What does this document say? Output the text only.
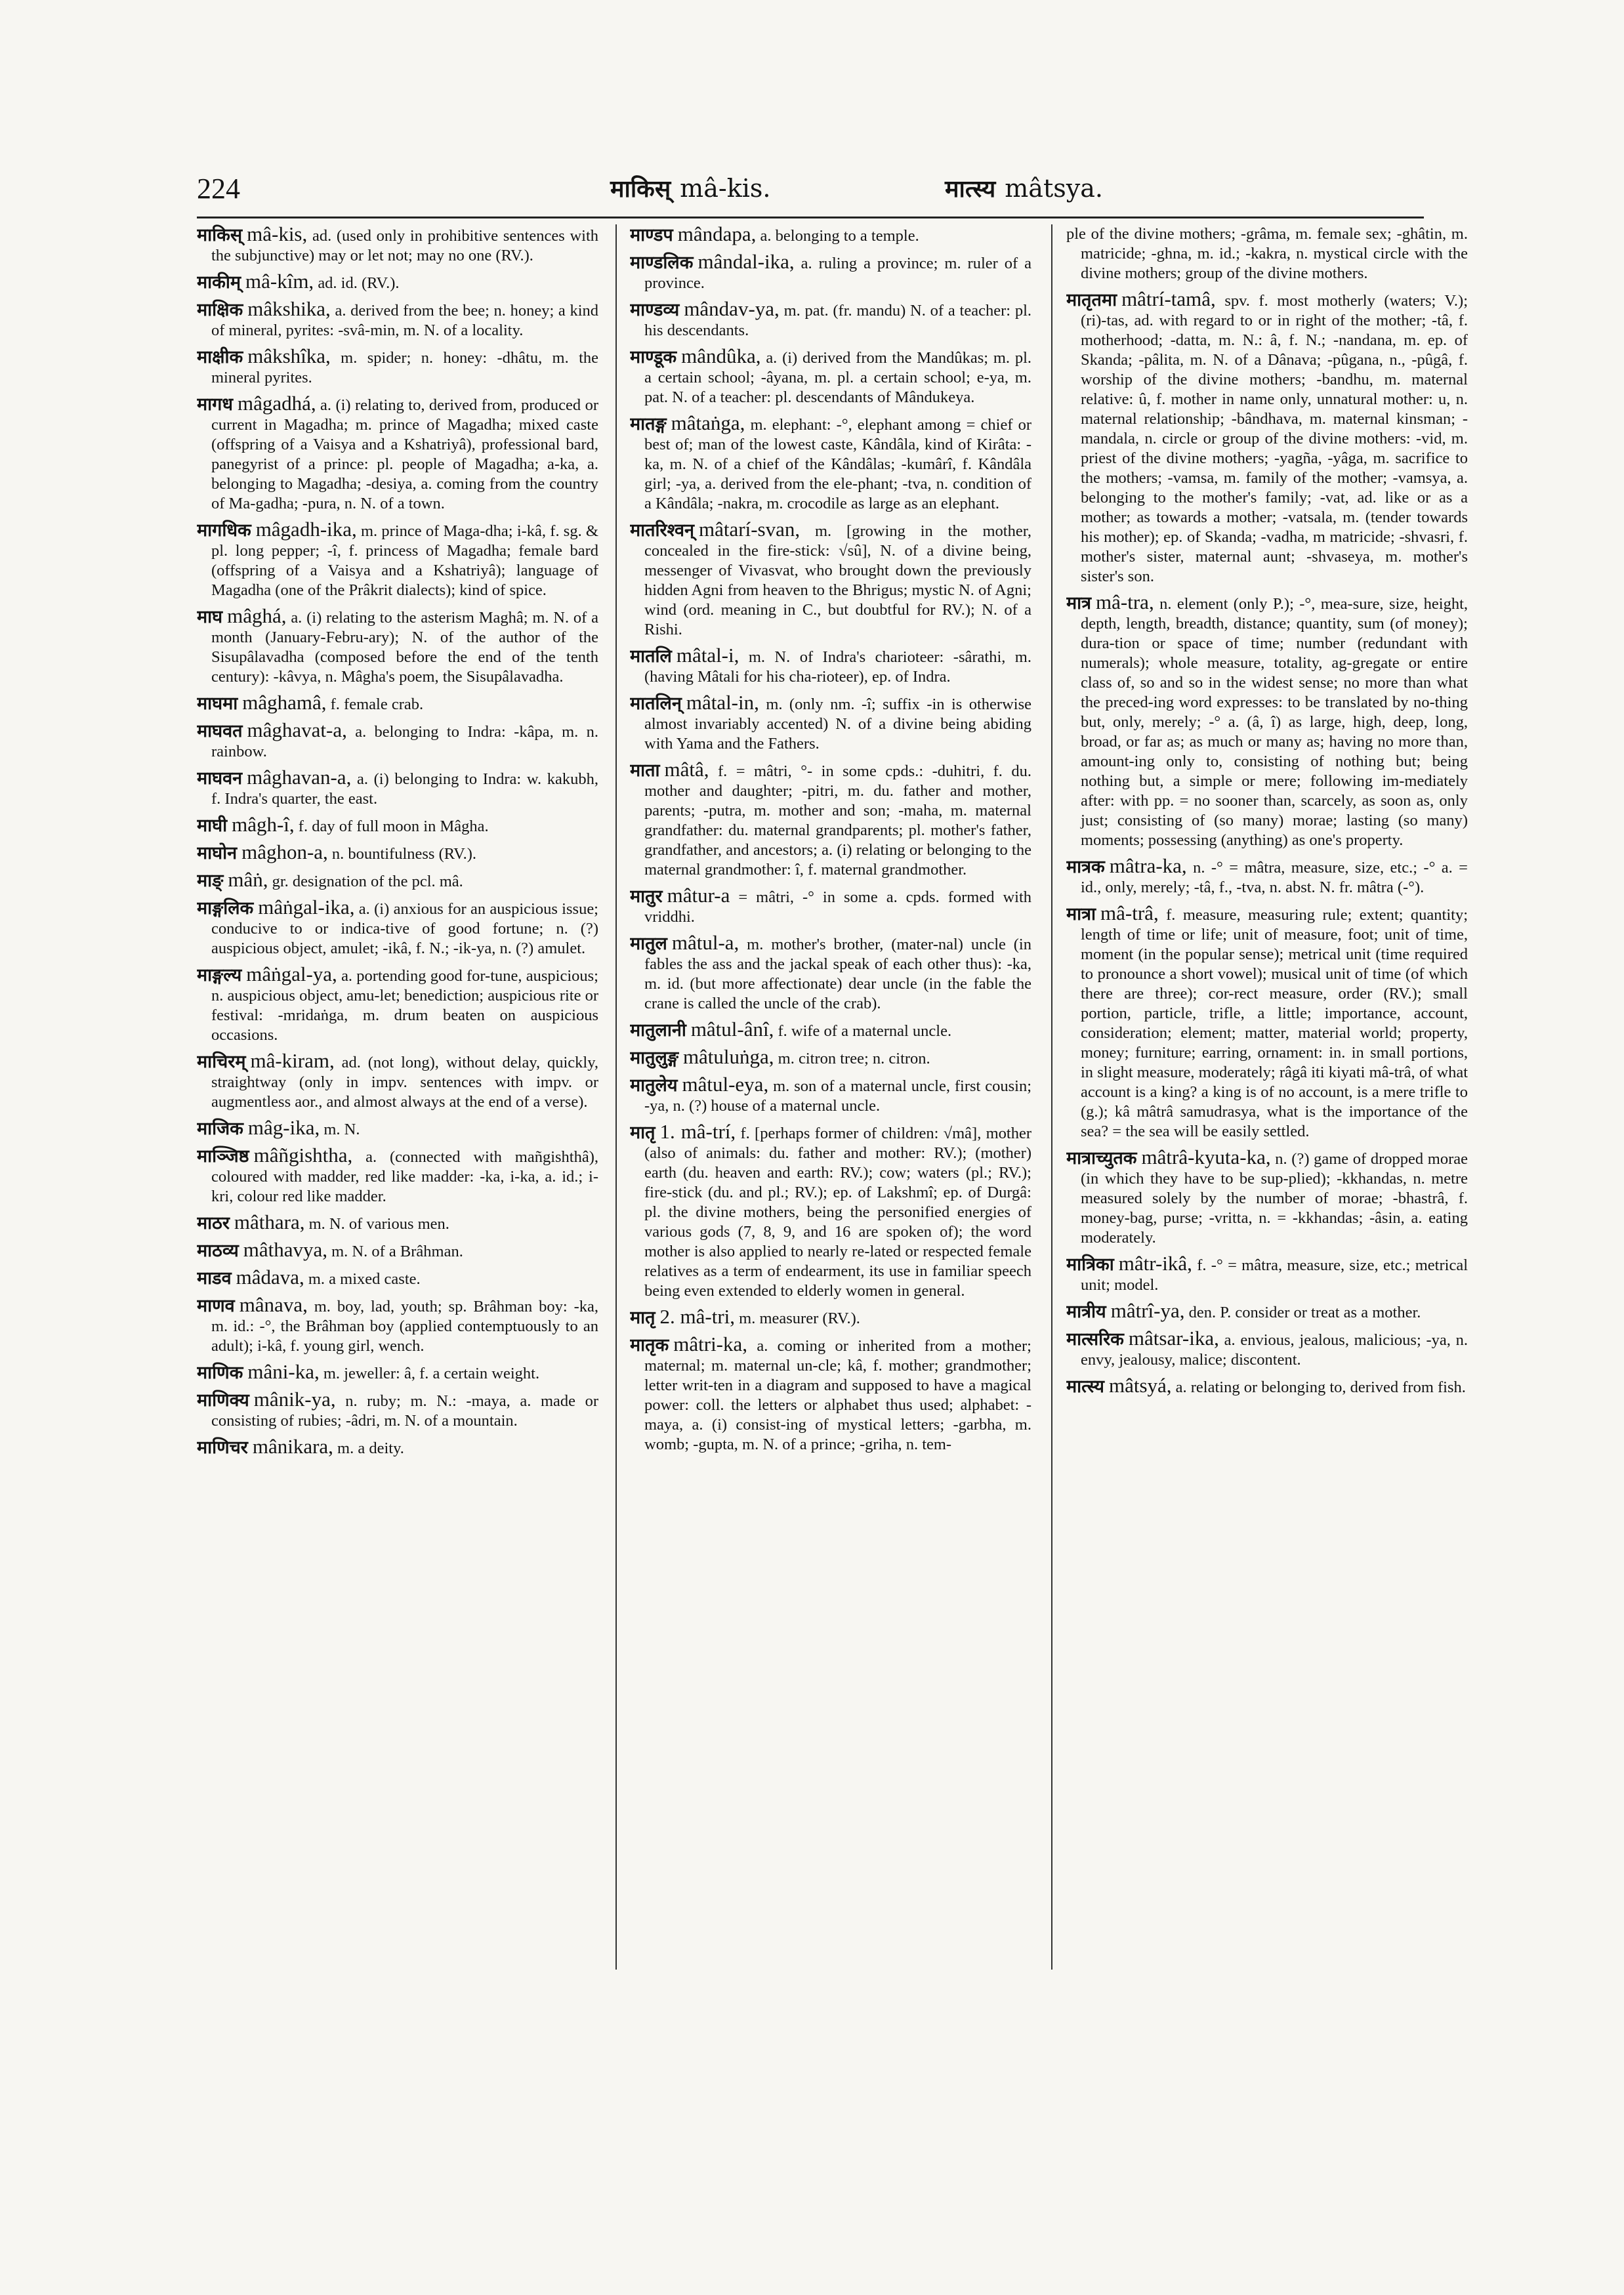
224	माकिस् mâ-kis.	मात्स्य mâtsya.

माकिस् mâ-kis, ad. (used only in prohibitive sentences with the subjunctive) may or let not; may no one (RV.).

माकीम् mâ-kîm, ad. id. (RV.).

माक्षिक mâkshika, a. derived from the bee; n. honey; a kind of mineral, pyrites: -svâ-min, m. N. of a locality.

माक्षीक mâkshîka, m. spider; n. honey: -dhâtu, m. the mineral pyrites.

मागध mâgadhá, a. (i) relating to, derived from, produced or current in Magadha; m. prince of Magadha; mixed caste (offspring of a Vaisya and a Kshatriyâ), professional bard, panegyrist of a prince: pl. people of Magadha; a-ka, a. belonging to Magadha; -desiya, a. coming from the country of Ma-gadha; -pura, n. N. of a town.

मागधिक mâgadh-ika, m. prince of Maga-dha; i-kâ, f. sg. & pl. long pepper; -î, f. princess of Magadha; female bard (offspring of a Vaisya and a Kshatriyâ); language of Magadha (one of the Prâkrit dialects); kind of spice.

माघ mâghá, a. (i) relating to the asterism Maghâ; m. N. of a month (January-Febru-ary); N. of the author of the Sisupâlavadha (composed before the end of the tenth century): -kâvya, n. Mâgha's poem, the Sisupâlavadha.

माघमा mâghamâ, f. female crab.

माघवत mâghavat-a, a. belonging to Indra: -kâpa, m. n. rainbow.

माघवन mâghavan-a, a. (i) belonging to Indra: w. kakubh, f. Indra's quarter, the east.

माघी mâgh-î, f. day of full moon in Mâgha.

माघोन mâghon-a, n. bountifulness (RV.).

माङ् mâṅ, gr. designation of the pcl. mâ.

माङ्गलिक mâṅgal-ika, a. (i) anxious for an auspicious issue; conducive to or indica-tive of good fortune; n. (?) auspicious object, amulet; -ikâ, f. N.; -ik-ya, n. (?) amulet.

माङ्गल्य mâṅgal-ya, a. portending good for-tune, auspicious; n. auspicious object, amu-let; benediction; auspicious rite or festival: -mridaṅga, m. drum beaten on auspicious occasions.

माचिरम् mâ-kiram, ad. (not long), without delay, quickly, straightway (only in impv. sentences with impv. or augmentless aor., and almost always at the end of a verse).

माजिक mâg-ika, m. N.

माञ्जिष्ठ mâñgishtha, a. (connected with mañgishthâ), coloured with madder, red like madder: -ka, i-ka, a. id.; i-kri, colour red like madder.

माठर mâthara, m. N. of various men.

माठव्य mâthavya, m. N. of a Brâhman.

माडव mâdava, m. a mixed caste.

माणव mânava, m. boy, lad, youth; sp. Brâhman boy: -ka, m. id.: -°, the Brâhman boy (applied contemptuously to an adult); i-kâ, f. young girl, wench.

माणिक mâni-ka, m. jeweller: â, f. a certain weight.

माणिक्य mânik-ya, n. ruby; m. N.: -maya, a. made or consisting of rubies; -âdri, m. N. of a mountain.

माणिचर mânikara, m. a deity.

माण्डप mândapa, a. belonging to a temple.

माण्डलिक mândal-ika, a. ruling a province; m. ruler of a province.

माण्डव्य mândav-ya, m. pat. (fr. mandu) N. of a teacher: pl. his descendants.

माण्डूक mândûka, a. (i) derived from the Mandûkas; m. pl. a certain school; -âyana, m. pl. a certain school; e-ya, m. pat. N. of a teacher: pl. descendants of Mândukeya.

मातङ्ग mâtaṅga, m. elephant: -°, elephant among = chief or best of; man of the lowest caste, Kândâla, kind of Kirâta: -ka, m. N. of a chief of the Kândâlas; -kumârî, f. Kândâla girl; -ya, a. derived from the ele-phant; -tva, n. condition of a Kândâla; -nakra, m. crocodile as large as an elephant.

मातरिश्वन् mâtarí-svan, m. [growing in the mother, concealed in the fire-stick: √sû], N. of a divine being, messenger of Vivasvat, who brought down the previously hidden Agni from heaven to the Bhrigus; mystic N. of Agni; wind (ord. meaning in C., but doubtful for RV.); N. of a Rishi.

मातलि mâtal-i, m. N. of Indra's charioteer: -sârathi, m. (having Mâtali for his cha-rioteer), ep. of Indra.

मातलिन् mâtal-in, m. (only nm. -î; suffix -in is otherwise almost invariably accented) N. of a divine being abiding with Yama and the Fathers.

माता mâtâ, f. = mâtri, °- in some cpds.: -duhitri, f. du. mother and daughter; -pitri, m. du. father and mother, parents; -putra, m. mother and son; -maha, m. maternal grandfather: du. maternal grandparents; pl. mother's father, grandfather, and ancestors; a. (i) relating or belonging to the maternal grandmother: î, f. maternal grandmother.

मातुर mâtur-a = mâtri, -° in some a. cpds. formed with vriddhi.

मातुल mâtul-a, m. mother's brother, (mater-nal) uncle (in fables the ass and the jackal speak of each other thus): -ka, m. id. (but more affectionate) dear uncle (in the fable the crane is called the uncle of the crab).

मातुलानी mâtul-ânî, f. wife of a maternal uncle.

मातुलुङ्ग mâtuluṅga, m. citron tree; n. citron.

मातुलेय mâtul-eya, m. son of a maternal uncle, first cousin; -ya, n. (?) house of a maternal uncle.

मातृ 1. mâ-trí, f. [perhaps former of children: √mâ], mother (also of animals: du. father and mother: RV.); (mother) earth (du. heaven and earth: RV.); cow; waters (pl.; RV.); fire-stick (du. and pl.; RV.); ep. of Lakshmî; ep. of Durgâ: pl. the divine mothers, being the personified energies of various gods (7, 8, 9, and 16 are spoken of); the word mother is also applied to nearly re-lated or respected female relatives as a term of endearment, its use in familiar speech being even extended to elderly women in general.

मातृ 2. mâ-tri, m. measurer (RV.).

मातृक mâtri-ka, a. coming or inherited from a mother; maternal; m. maternal un-cle; kâ, f. mother; grandmother; letter writ-ten in a diagram and supposed to have a magical power: coll. the letters or alphabet thus used; alphabet: -maya, a. (i) consist-ing of mystical letters; -garbha, m. womb; -gupta, m. N. of a prince; -griha, n. tem-

ple of the divine mothers; -grâma, m. female sex; -ghâtin, m. matricide; -ghna, m. id.; -kakra, n. mystical circle with the divine mothers; group of the divine mothers.

मातृतमा mâtrí-tamâ, spv. f. most motherly (waters; V.); (ri)-tas, ad. with regard to or in right of the mother; -tâ, f. motherhood; -datta, m. N.: â, f. N.; -nandana, m. ep. of Skanda; -pâlita, m. N. of a Dânava; -pûgana, n., -pûgâ, f. worship of the divine mothers; -bandhu, m. maternal relative: û, f. mother in name only, unnatural mother: u, n. maternal relationship; -bândhava, m. maternal kinsman; -mandala, n. circle or group of the divine mothers: -vid, m. priest of the divine mothers; -yagña, -yâga, m. sacrifice to the mothers; -vamsa, m. family of the mother; -vamsya, a. belonging to the mother's family; -vat, ad. like or as a mother; as towards a mother; -vatsala, m. (tender towards his mother); ep. of Skanda; -vadha, m matricide; -shvasri, f. mother's sister, maternal aunt; -shvaseya, m. mother's sister's son.

मात्र mâ-tra, n. element (only P.); -°, mea-sure, size, height, depth, length, breadth, distance; quantity, sum (of money); dura-tion or space of time; number (redundant with numerals); whole measure, totality, ag-gregate or entire class of, so and so in the widest sense; no more than what the preced-ing word expresses: to be translated by no-thing but, only, merely; -° a. (â, î) as large, high, deep, long, broad, or far as; as much or many as; having no more than, amount-ing only to, consisting of nothing but; being nothing but, a simple or mere; following im-mediately after: with pp. = no sooner than, scarcely, as soon as, only just; consisting of (so many) morae; lasting (so many) moments; possessing (anything) as one's property.

मात्रक mâtra-ka, n. -° = mâtra, measure, size, etc.; -° a. = id., only, merely; -tâ, f., -tva, n. abst. N. fr. mâtra (-°).

मात्रा mâ-trâ, f. measure, measuring rule; extent; quantity; length of time or life; unit of measure, foot; unit of time, moment (in the popular sense); metrical unit (time required to pronounce a short vowel); musical unit of time (of which there are three); cor-rect measure, order (RV.); small portion, particle, trifle, a little; importance, account, consideration; element; matter, material world; property, money; furniture; earring, ornament: in. in small portions, in slight measure, moderately; râgâ iti kiyati mâ-trâ, of what account is a king? a king is of no account, is a mere trifle to (g.); kâ mâtrâ samudrasya, what is the importance of the sea? = the sea will be easily settled.

मात्राच्युतक mâtrâ-kyuta-ka, n. (?) game of dropped morae (in which they have to be sup-plied); -kkhandas, n. metre measured solely by the number of morae; -bhastrâ, f. money-bag, purse; -vritta, n. = -kkhandas; -âsin, a. eating moderately.

मात्रिका mâtr-ikâ, f. -° = mâtra, measure, size, etc.; metrical unit; model.

मात्रीय mâtrî-ya, den. P. consider or treat as a mother.

मात्सरिक mâtsar-ika, a. envious, jealous, malicious; -ya, n. envy, jealousy, malice; discontent.

मात्स्य mâtsyá, a. relating or belonging to, derived from fish.
